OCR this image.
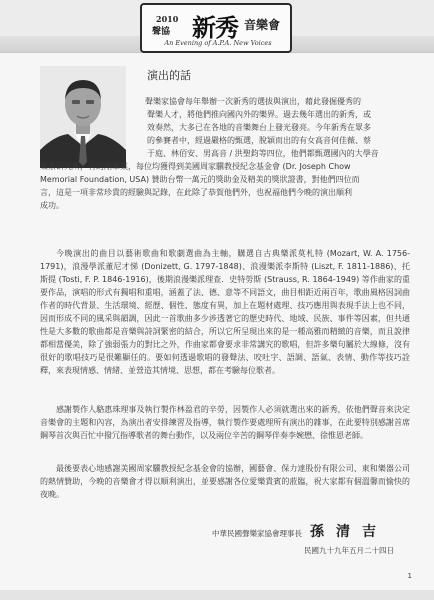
2010
聲協 新秀 音樂會
An Evening of A.P.A. New Voices
演出的話
聲樂家協會每年舉辦一次新秀的選拔與演出，藉此發掘優秀的
聲樂人才，將他們推向國內外的樂界。過去幾年選出的新秀，或
效奏然，大多已在各地的音樂舞台上發光發亮。今年新秀在眾多
的參賽者中，經過嚴格的甄選，脫穎而出的有女高音何佳薇、蔡
于庭、林佰安、男高音 / 洪聖鈞等四位，他們都甄選國內的大學音
樂系研究所，有的剛畢業，每位均獲得到美國周家驥教授紀念基金會 (Dr. Joseph Chow
Memorial Foundation, USA) 贊助台幣一萬元的獎助金及精美的獎狀證書，對他們四位而
言，這是一項非常珍貴的經驗與記錄，在此除了恭賀他們外，也祝福他們今晚的演出順利
成功。

今晚演出的曲目以藝術歌曲和歌劇選曲為主軸，購選自古典樂派莫札特 (Mozart, W. A. 1756-1791)，浪漫學派董尼才悌 (Donizett, G. 1797-1848)、浪漫樂派李斯特 (Liszt, F. 1811-1886)、托斯提 (Tosti, F. P. 1846-1916)，後期浪漫樂派理查．史特勞斯 (Strauss, R. 1864-1949) 等作曲家的重要作品，演唱的形式有獨唱和重唱，涵蓋了法、德、意等不同語文，曲目相距近兩百年，歌曲風格因詞曲作者的時代背景、生活環境、經歷、個性、態度有異，加上在題材處理、技巧應用與表現手法上也不同，因而形成不同的風采與韻調，因此一首歌曲多少涉透著它的歷史時代、地域、民族、事件等因素，但共通性是大多數的歌曲都是音樂與詩詞緊密的結合，所以它所呈現出來的是一種高雅而精緻的音樂，而且說律都相當優美，除了強弱張力的對比之外，作曲家都會要求非常講究的歌唱，但許多樂句屬於大線條，沒有很好的歌唱技巧是很難顯任的。要如何透過歌唱的發聲法、咬吐字、語調、語氣、表情、動作等技巧詮釋，來表現情感、情緒、並營造其情境、思想，都在考驗每位歌者。

感謝製作人駱惠珠理事及執行製作林盈君的辛勞，因製作人必須就選出來的新秀，依他們聲音來決定音樂會的主題和內容，為演出者安排練習及指導，執行製作要處理所有演出的雜事，在此要特別感謝首席鋼琴首次與百忙中撥冗指導歌者的舞台動作，以及兩位辛苦的鋼琴伴奏李婉懋、徐惟恩老師。

最後要表心地感謝美國周家驥教授紀念基金會的協辦，國藝會、保力達股份有限公司、東和樂器公司的熱情贊助，今晚的音樂會才得以順利演出，並要感謝各位愛樂貴賓的蒞臨，祝大家都有個溫馨而愉快的夜晚。

中華民國聲樂家協會理事長 孫清吉
民國九十九年五月二十四日
1
